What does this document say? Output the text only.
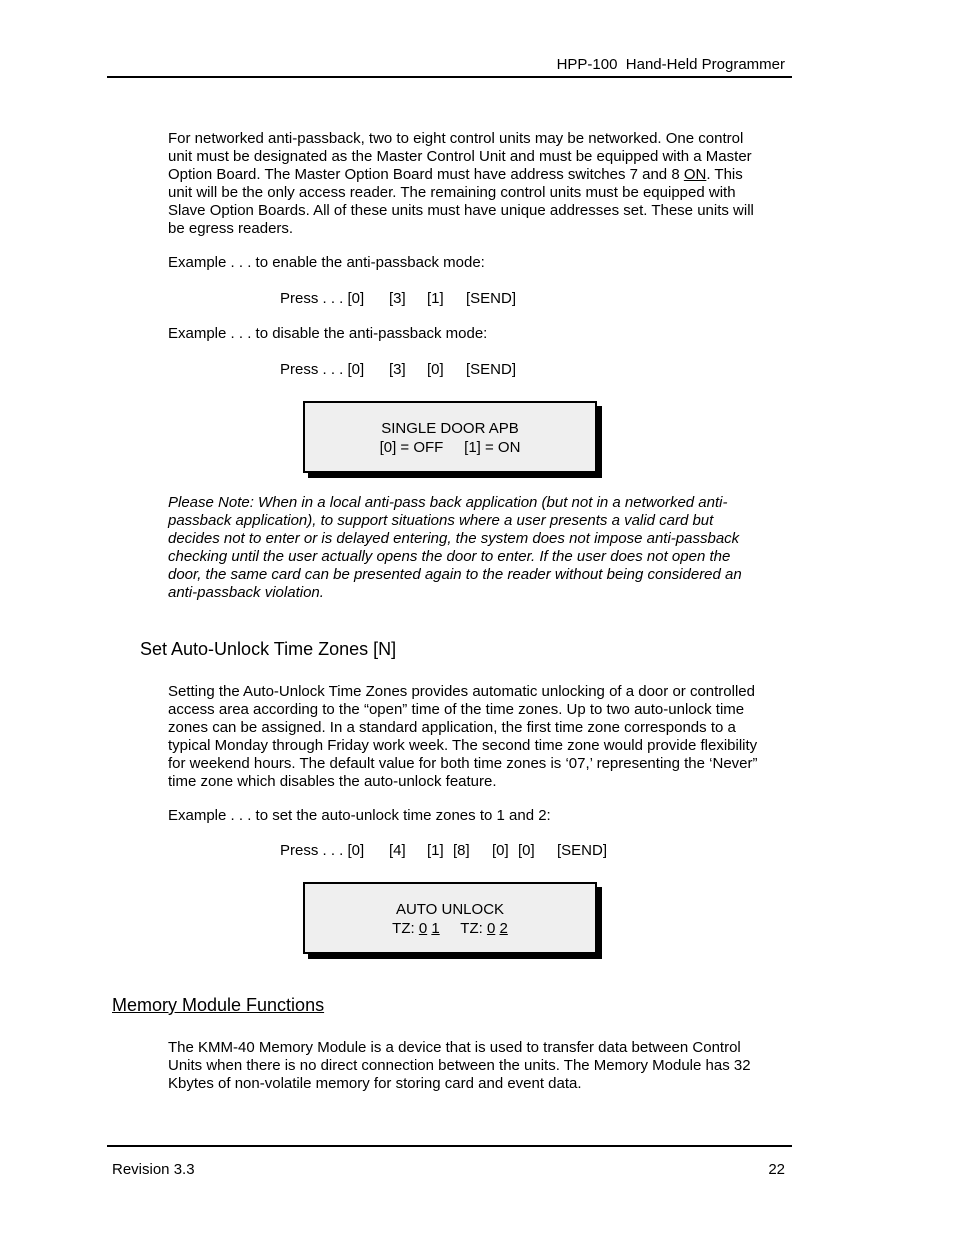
HPP-100  Hand-Held Programmer
For networked anti-passback, two to eight control units may be networked. One control
unit must be designated as the Master Control Unit and must be equipped with a Master
Option Board. The Master Option Board must have address switches 7 and 8 ON. This
unit will be the only access reader. The remaining control units must be equipped with
Slave Option Boards. All of these units must have unique addresses set. These units will
be egress readers.
Example . . . to enable the anti-passback mode:
Press . . . [0] [3] [1] [SEND]
Example . . . to disable the anti-passback mode:
Press . . . [0] [3] [0] [SEND]
SINGLE DOOR APB
[0] = OFF     [1] = ON
Please Note: When in a local anti-pass back application (but not in a networked anti-
passback application), to support situations where a user presents a valid card but
decides not to enter or is delayed entering, the system does not impose anti-passback
checking until the user actually opens the door to enter. If the user does not open the
door, the same card can be presented again to the reader without being considered an
anti-passback violation.
Set Auto-Unlock Time Zones [N]
Setting the Auto-Unlock Time Zones provides automatic unlocking of a door or controlled
access area according to the “open” time of the time zones. Up to two auto-unlock time
zones can be assigned. In a standard application, the first time zone corresponds to a
typical Monday through Friday work week. The second time zone would provide flexibility
for weekend hours. The default value for both time zones is ‘07,’ representing the ‘Never”
time zone which disables the auto-unlock feature.
Example . . . to set the auto-unlock time zones to 1 and 2:
Press . . . [0] [4] [1] [8] [0] [0] [SEND]
AUTO UNLOCK
TZ: 0 1 TZ: 0 2
Memory Module Functions
The KMM-40 Memory Module is a device that is used to transfer data between Control
Units when there is no direct connection between the units. The Memory Module has 32
Kbytes of non-volatile memory for storing card and event data.
Revision 3.3	22
